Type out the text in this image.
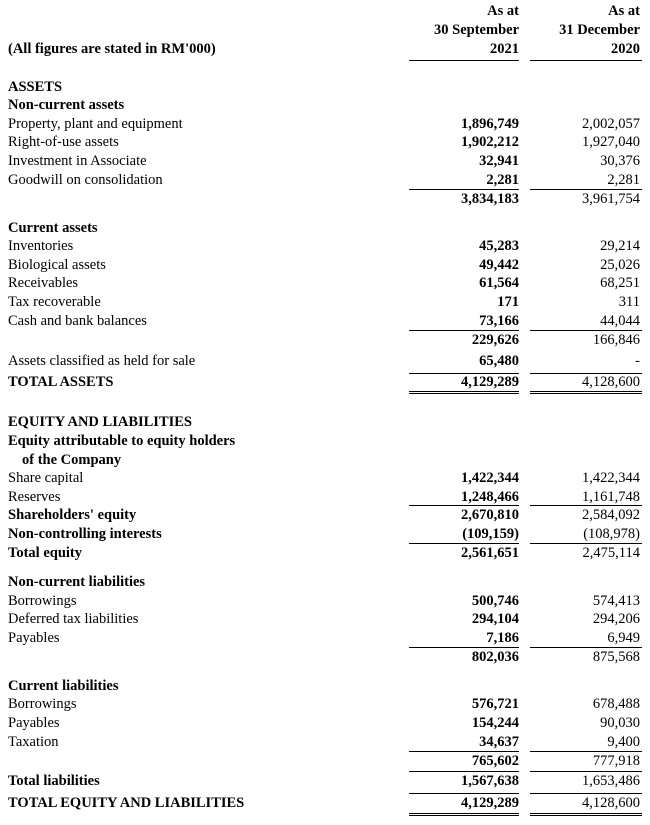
As at
30 September
2021
As at
31 December
2020
(All figures are stated in RM'000)
ASSETS
Non-current assets
Property, plant and equipment	1,896,749	2,002,057
Right-of-use assets	1,902,212	1,927,040
Investment in Associate	32,941	30,376
Goodwill on consolidation	2,281	2,281
3,834,183	3,961,754
Current assets
Inventories	45,283	29,214
Biological assets	49,442	25,026
Receivables	61,564	68,251
Tax recoverable	171	311
Cash and bank balances	73,166	44,044
229,626	166,846
Assets classified as held for sale	65,480	-
TOTAL ASSETS	4,129,289	4,128,600
EQUITY AND LIABILITIES
Equity attributable to equity holders
of the Company
Share capital	1,422,344	1,422,344
Reserves	1,248,466	1,161,748
Shareholders' equity	2,670,810	2,584,092
Non-controlling interests	(109,159)	(108,978)
Total equity	2,561,651	2,475,114
Non-current liabilities
Borrowings	500,746	574,413
Deferred tax liabilities	294,104	294,206
Payables	7,186	6,949
802,036	875,568
Current liabilities
Borrowings	576,721	678,488
Payables	154,244	90,030
Taxation	34,637	9,400
765,602	777,918
Total liabilities	1,567,638	1,653,486
TOTAL EQUITY AND LIABILITIES	4,129,289	4,128,600
